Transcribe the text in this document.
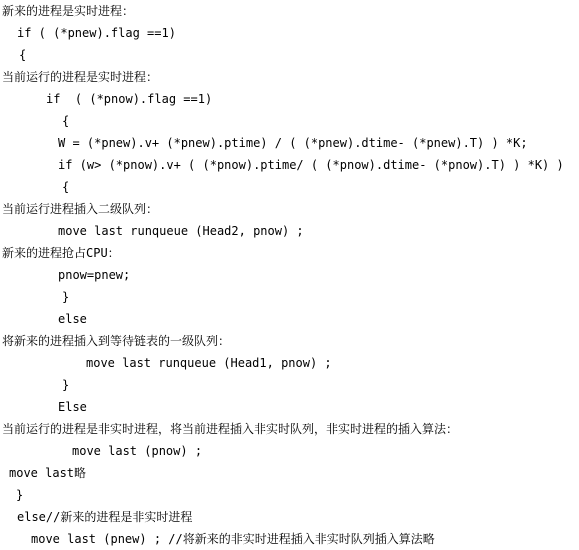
新来的进程是实时进程：
if ( (*pnew).flag ==1)
{
当前运行的进程是实时进程：
if  ( (*pnow).flag ==1)
{
W = (*pnew).v+ (*pnew).ptime) / ( (*pnew).dtime- (*pnew).T) ) *K;
if (w> (*pnow).v+ ( (*pnow).ptime/ ( (*pnow).dtime- (*pnow).T) ) *K) )
{
当前运行进程插入二级队列：
move last runqueue (Head2, pnow) ;
新来的进程抢占CPU：
pnow=pnew;
}
else
将新来的进程插入到等待链表的一级队列：
move last runqueue (Head1, pnow) ;
}
Else
当前运行的进程是非实时进程，将当前进程插入非实时队列，非实时进程的插入算法：
move last (pnow) ;
move last略
}
else//新来的进程是非实时进程
move last (pnew) ; //将新来的非实时进程插入非实时队列插入算法略
